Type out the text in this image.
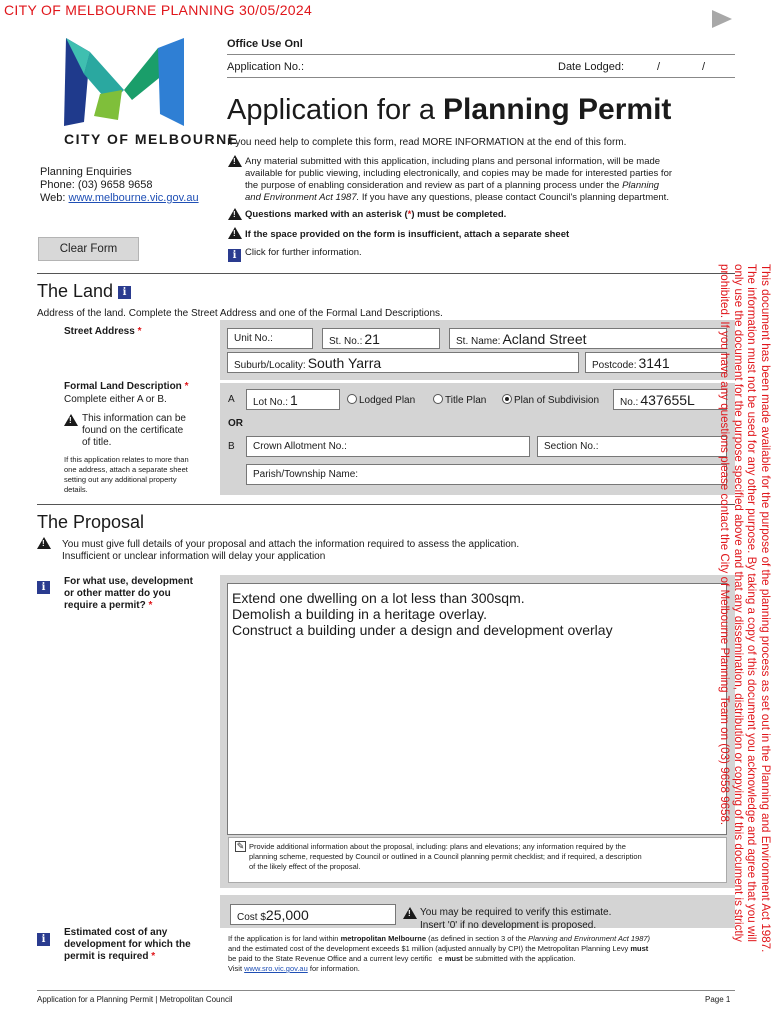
CITY OF MELBOURNE PLANNING 30/05/2024
CITY OF MELBOURNE
Planning Enquiries
Phone: (03) 9658 9658
Web: www.melbourne.vic.gov.au
Clear Form
Office Use Onl
Application No.:	Date Lodged:	/	/
Application for a Planning Permit
If you need help to complete this form, read MORE INFORMATION at the end of this form.
!
Any material submitted with this application, including plans and personal information, will be made
available for public viewing, including electronically, and copies may be made for interested parties for
the purpose of enabling consideration and review as part of a planning process under the Planning
and Environment Act 1987. If you have any questions, please contact Council's planning department.
!
Questions marked with an asterisk (*) must be completed.
!
If the space provided on the form is insufficient, attach a separate sheet
i Click for further information.
The Land i
Address of the land. Complete the Street Address and one of the Formal Land Descriptions.
Street Address *
Unit No.:	St. No.: 21	St. Name: Acland Street
Suburb/Locality: South Yarra	Postcode: 3141
Formal Land Description *
Complete either A or B.
!
This information can be
found on the certificate
of title.
If this application relates to more than
one address, attach a separate sheet
setting out any additional property
details.
A	Lot No.: 1	Lodged Plan	Title Plan	Plan of Subdivision	No.: 437655L
OR
B	Crown Allotment No.:	Section No.:
Parish/Township Name:
The Proposal
!
You must give full details of your proposal and attach the information required to assess the application.
Insufficient or unclear information will delay your application
i
For what use, development
or other matter do you
require a permit? *	Extend one dwelling on a lot less than 300sqm.
Demolish a building in a heritage overlay.
Construct a building under a design and development overlay
✎ Provide additional information about the proposal, including: plans and elevations; any information required by the
planning scheme, requested by Council or outlined in a Council planning permit checklist; and if required, a description
of the likely effect of the proposal.
Cost $25,000 !	You may be required to verify this estimate.
Insert '0' if no development is proposed.
i
Estimated cost of any
development for which the
permit is required *
If the application is for land within metropolitan Melbourne (as defined in section 3 of the Planning and Environment Act 1987)
and the estimated cost of the development exceeds $1 million (adjusted annually by CPI) the Metropolitan Planning Levy must
be paid to the State Revenue Office and a current levy certific e must be submitted with the application.
Visit www.sro.vic.gov.au for information.
Application for a Planning Permit | Metropolitan Council	Page 1
This document has been made available for the purpose of the planning process as set out in the Planning and Environment Act 1987.
The information must not be used for any other purpose. By taking a copy of this document you acknowledge and agree that you will
only use the document for the purpose specified above and that any dissemination, distribution or copying of this document is strictly
prohibited. If you have any questions please contact the City of Melbourne Planning Team on (03) 9658 9658.
